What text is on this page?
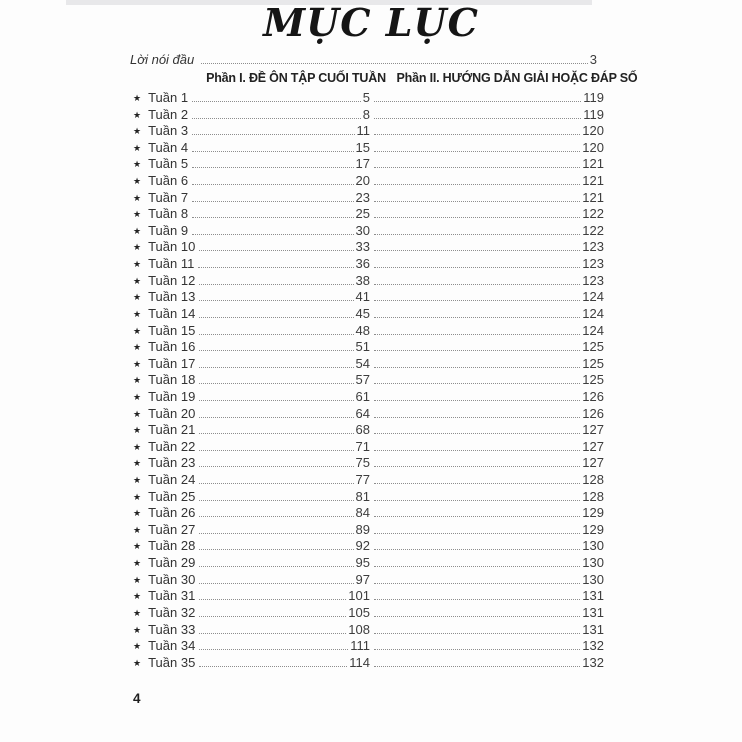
MỤC LỤC
Lời nói đầu	3
Phần I. ĐỀ ÔN TẬP CUỐI TUẦN Phần II. HƯỚNG DẪN GIẢI HOẶC ĐÁP SỐ
★ Tuần 1	5	119
★ Tuần 2	8	119
★ Tuần 3	11	120
★ Tuần 4	15	120
★ Tuần 5	17	121
★ Tuần 6	20	121
★ Tuần 7	23	121
★ Tuần 8	25	122
★ Tuần 9	30	122
★ Tuần 10	33	123
★ Tuần 11	36	123
★ Tuần 12	38	123
★ Tuần 13	41	124
★ Tuần 14	45	124
★ Tuần 15	48	124
★ Tuần 16	51	125
★ Tuần 17	54	125
★ Tuần 18	57	125
★ Tuần 19	61	126
★ Tuần 20	64	126
★ Tuần 21	68	127
★ Tuần 22	71	127
★ Tuần 23	75	127
★ Tuần 24	77	128
★ Tuần 25	81	128
★ Tuần 26	84	129
★ Tuần 27	89	129
★ Tuần 28	92	130
★ Tuần 29	95	130
★ Tuần 30	97	130
★ Tuần 31	101	131
★ Tuần 32	105	131
★ Tuần 33	108	131
★ Tuần 34	111	132
★ Tuần 35	114	132
4
